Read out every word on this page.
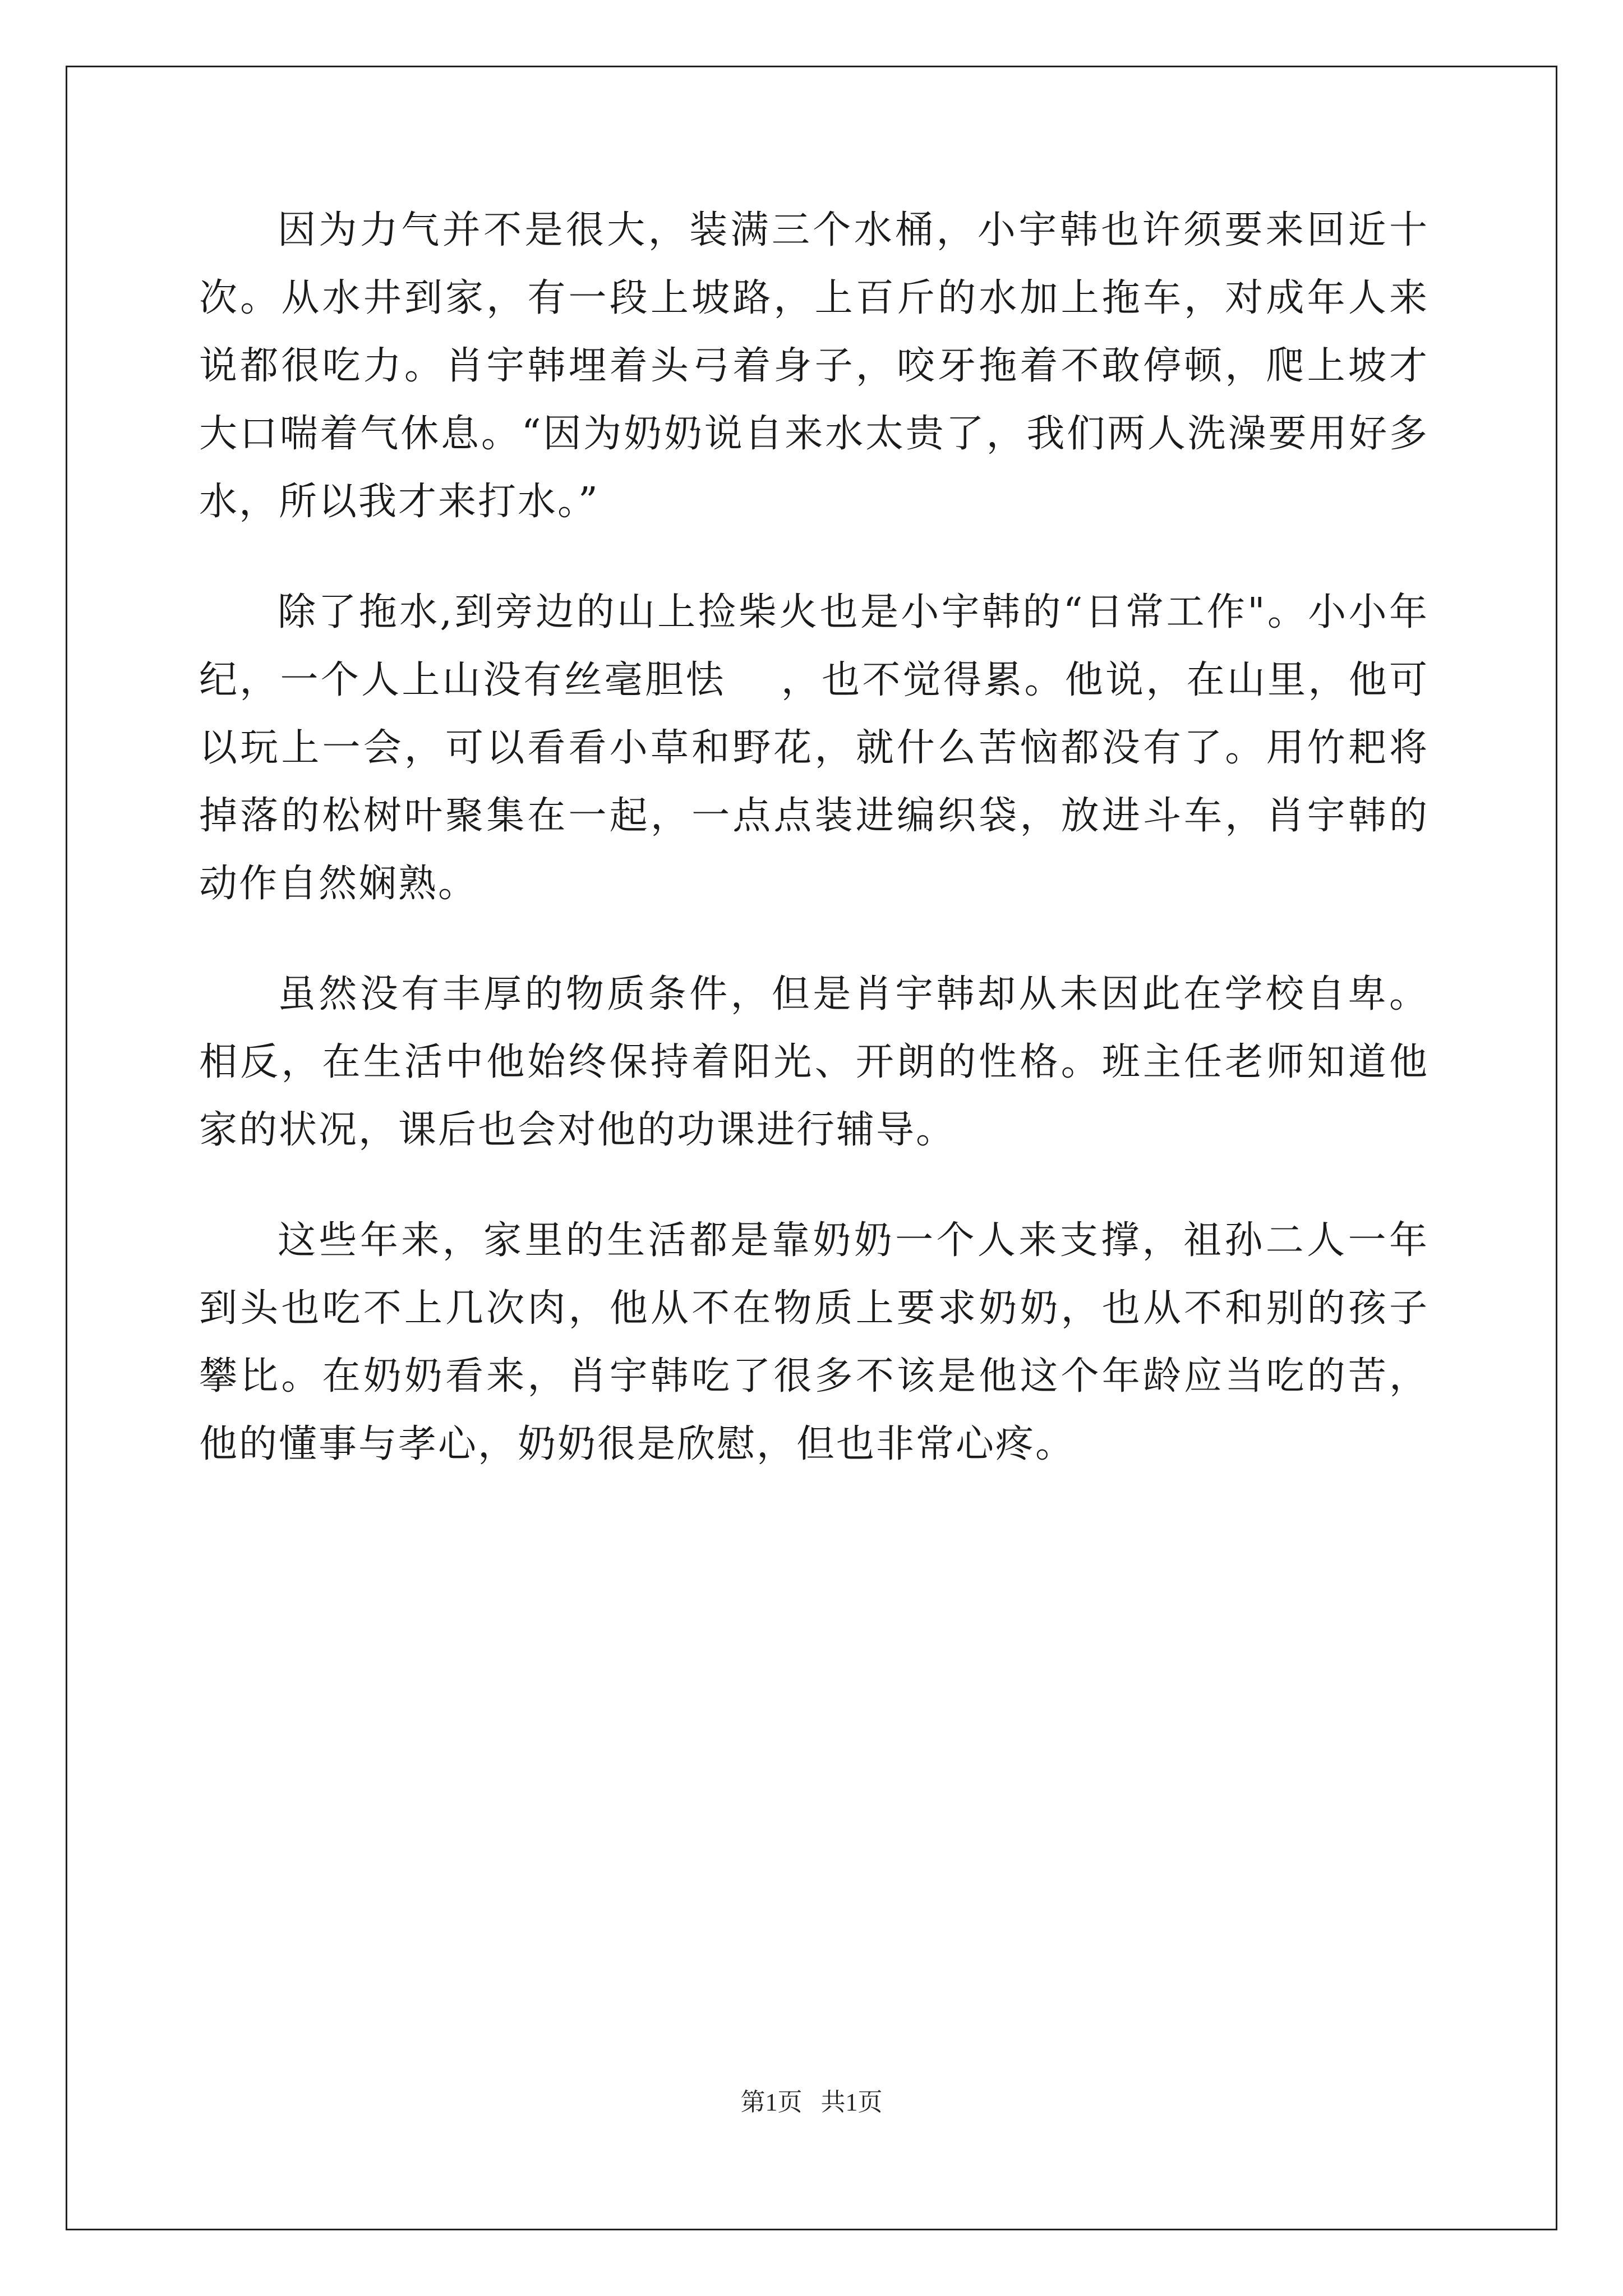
因为力气并不是很大，装满三个水桶，小宇韩也许须要来回近十次。从水井到家，有一段上坡路，上百斤的水加上拖车，对成年人来说都很吃力。肖宇韩埋着头弓着身子，咬牙拖着不敢停顿，爬上坡才大口喘着气休息。“因为奶奶说自来水太贵了，我们两人洗澡要用好多水，所以我才来打水。”

除了拖水,到旁边的山上捡柴火也是小宇韩的“日常工作"。小小年纪，一个人上山没有丝毫胆怯　 ，也不觉得累。他说，在山里，他可以玩上一会，可以看看小草和野花，就什么苦恼都没有了。用竹耙将掉落的松树叶聚集在一起，一点点装进编织袋，放进斗车，肖宇韩的动作自然娴熟。

虽然没有丰厚的物质条件，但是肖宇韩却从未因此在学校自卑。相反，在生活中他始终保持着阳光、开朗的性格。班主任老师知道他家的状况，课后也会对他的功课进行辅导。

这些年来，家里的生活都是靠奶奶一个人来支撑，祖孙二人一年到头也吃不上几次肉，他从不在物质上要求奶奶，也从不和别的孩子攀比。在奶奶看来，肖宇韩吃了很多不该是他这个年龄应当吃的苦，他的懂事与孝心，奶奶很是欣慰，但也非常心疼。

第1页 共1页
